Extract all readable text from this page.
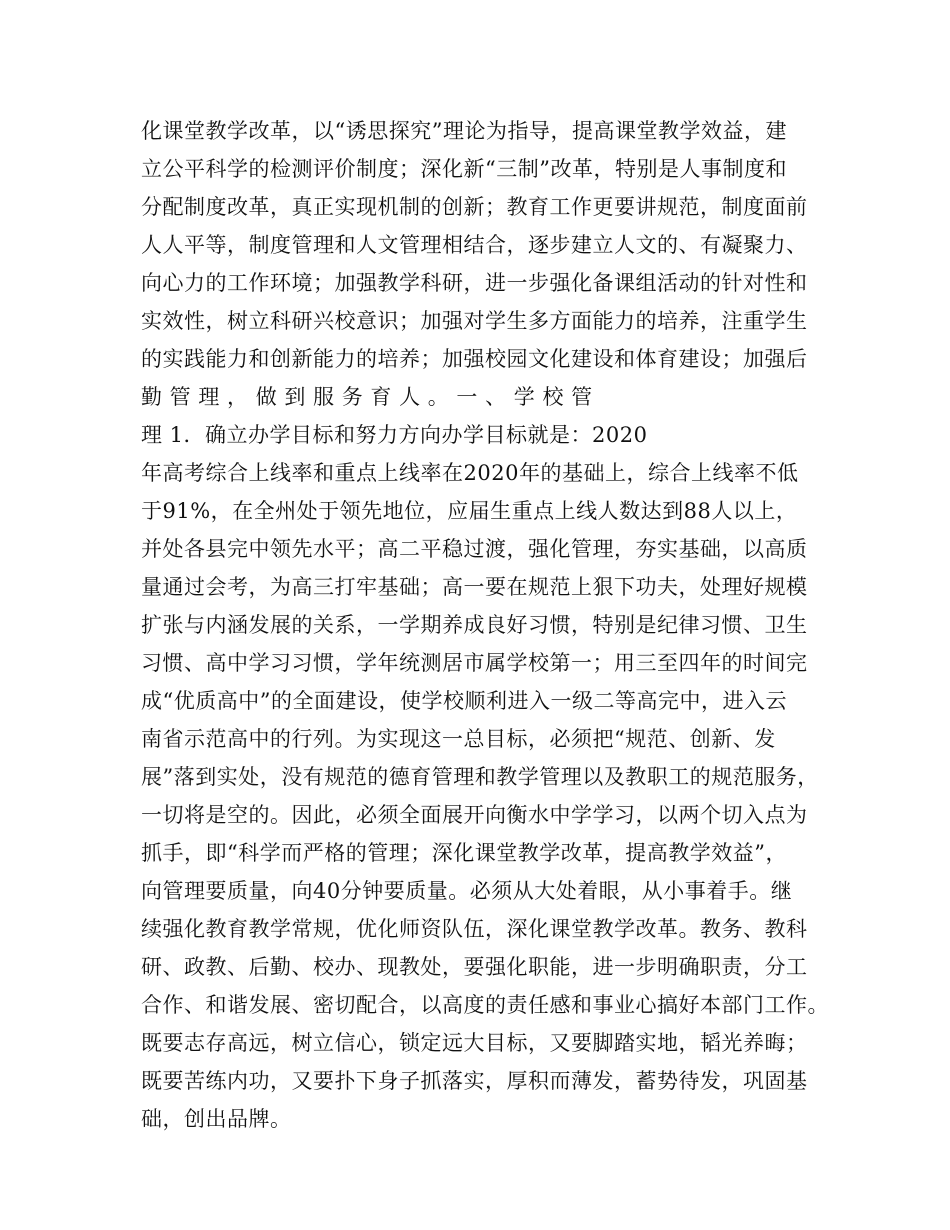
化课堂教学改革，以“诱思探究”理论为指导，提高课堂教学效益，建
立公平科学的检测评价制度；深化新“三制”改革，特别是人事制度和
分配制度改革，真正实现机制的创新；教育工作更要讲规范，制度面前
人人平等，制度管理和人文管理相结合，逐步建立人文的、有凝聚力、
向心力的工作环境；加强教学科研，进一步强化备课组活动的针对性和
实效性，树立科研兴校意识；加强对学生多方面能力的培养，注重学生
的实践能力和创新能力的培养；加强校园文化建设和体育建设；加强后
勤 管 理 ， 做 到 服 务 育 人 。 一 、 学 校 管
理 1．确立办学目标和努力方向办学目标就是：2020
年高考综合上线率和重点上线率在2020年的基础上，综合上线率不低
于91%，在全州处于领先地位，应届生重点上线人数达到88人以上，
并处各县完中领先水平；高二平稳过渡，强化管理，夯实基础，以高质
量通过会考，为高三打牢基础；高一要在规范上狠下功夫，处理好规模
扩张与内涵发展的关系，一学期养成良好习惯，特别是纪律习惯、卫生
习惯、高中学习习惯，学年统测居市属学校第一；用三至四年的时间完
成“优质高中”的全面建设，使学校顺利进入一级二等高完中，进入云
南省示范高中的行列。为实现这一总目标，必须把“规范、创新、发
展”落到实处，没有规范的德育管理和教学管理以及教职工的规范服务，
一切将是空的。因此，必须全面展开向衡水中学学习，以两个切入点为
抓手，即“科学而严格的管理；深化课堂教学改革，提高教学效益”，
向管理要质量，向40分钟要质量。必须从大处着眼，从小事着手。继
续强化教育教学常规，优化师资队伍，深化课堂教学改革。教务、教科
研、政教、后勤、校办、现教处，要强化职能，进一步明确职责，分工
合作、和谐发展、密切配合，以高度的责任感和事业心搞好本部门工作。
既要志存高远，树立信心，锁定远大目标，又要脚踏实地，韬光养晦；
既要苦练内功，又要扑下身子抓落实，厚积而薄发，蓄势待发，巩固基
础，创出品牌。
